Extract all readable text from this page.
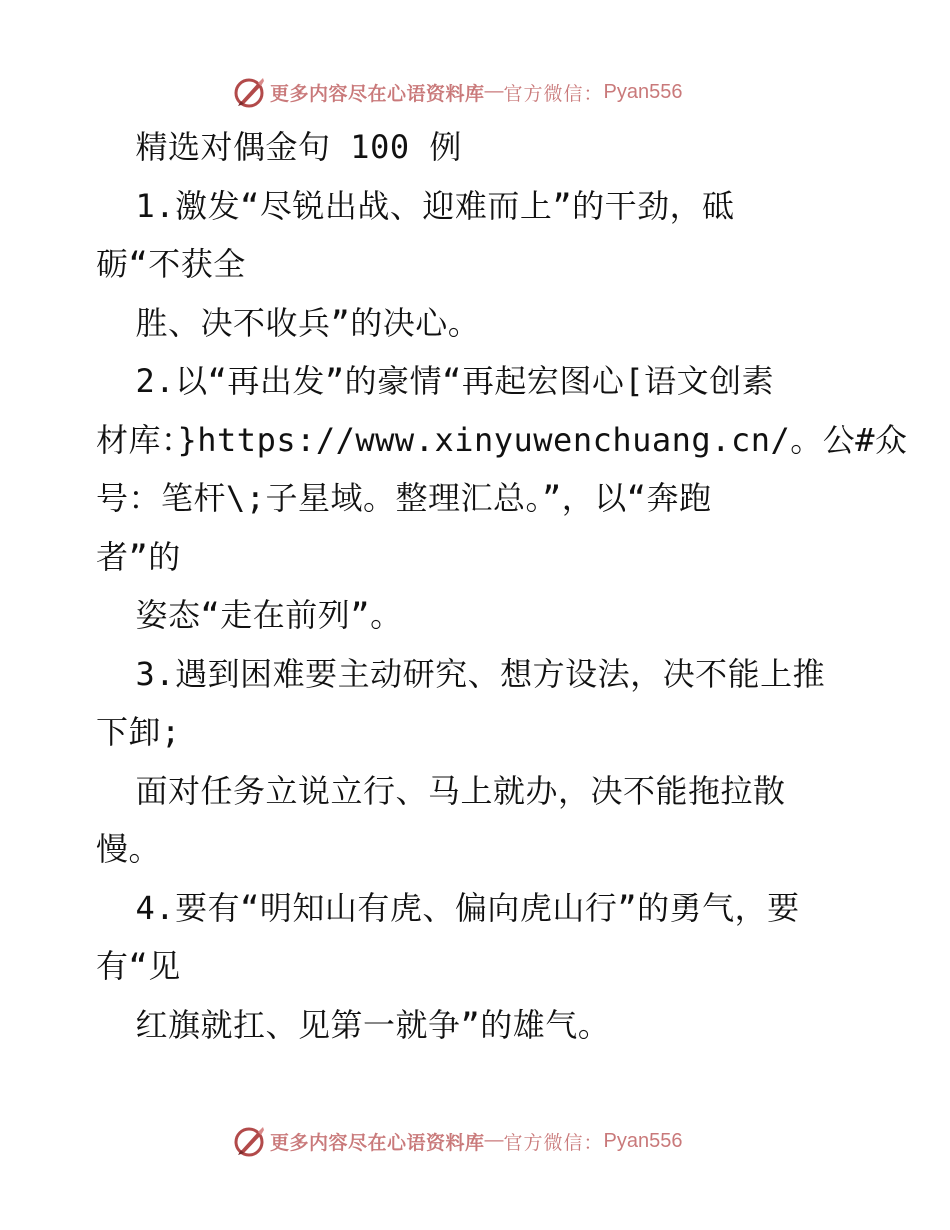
更多内容尽在心语资料库 — 官方微信： Pyan556
精选对偶金句 100 例
1.激发“尽锐出战、迎难而上”的干劲，砥
砺“不获全
胜、决不收兵”的决心。
2.以“再出发”的豪情“再起宏图心[语文创素
材库：}https://www.xinyuwenchuang.cn/。公#众
号：笔杆\;子星域。整理汇总。”，以“奔跑
者”的
姿态“走在前列”。
3.遇到困难要主动研究、想方设法，决不能上推
下卸;
面对任务立说立行、马上就办，决不能拖拉散
慢。
4.要有“明知山有虎、偏向虎山行”的勇气，要
有“见
红旗就扛、见第一就争”的雄气。
更多内容尽在心语资料库 — 官方微信： Pyan556
